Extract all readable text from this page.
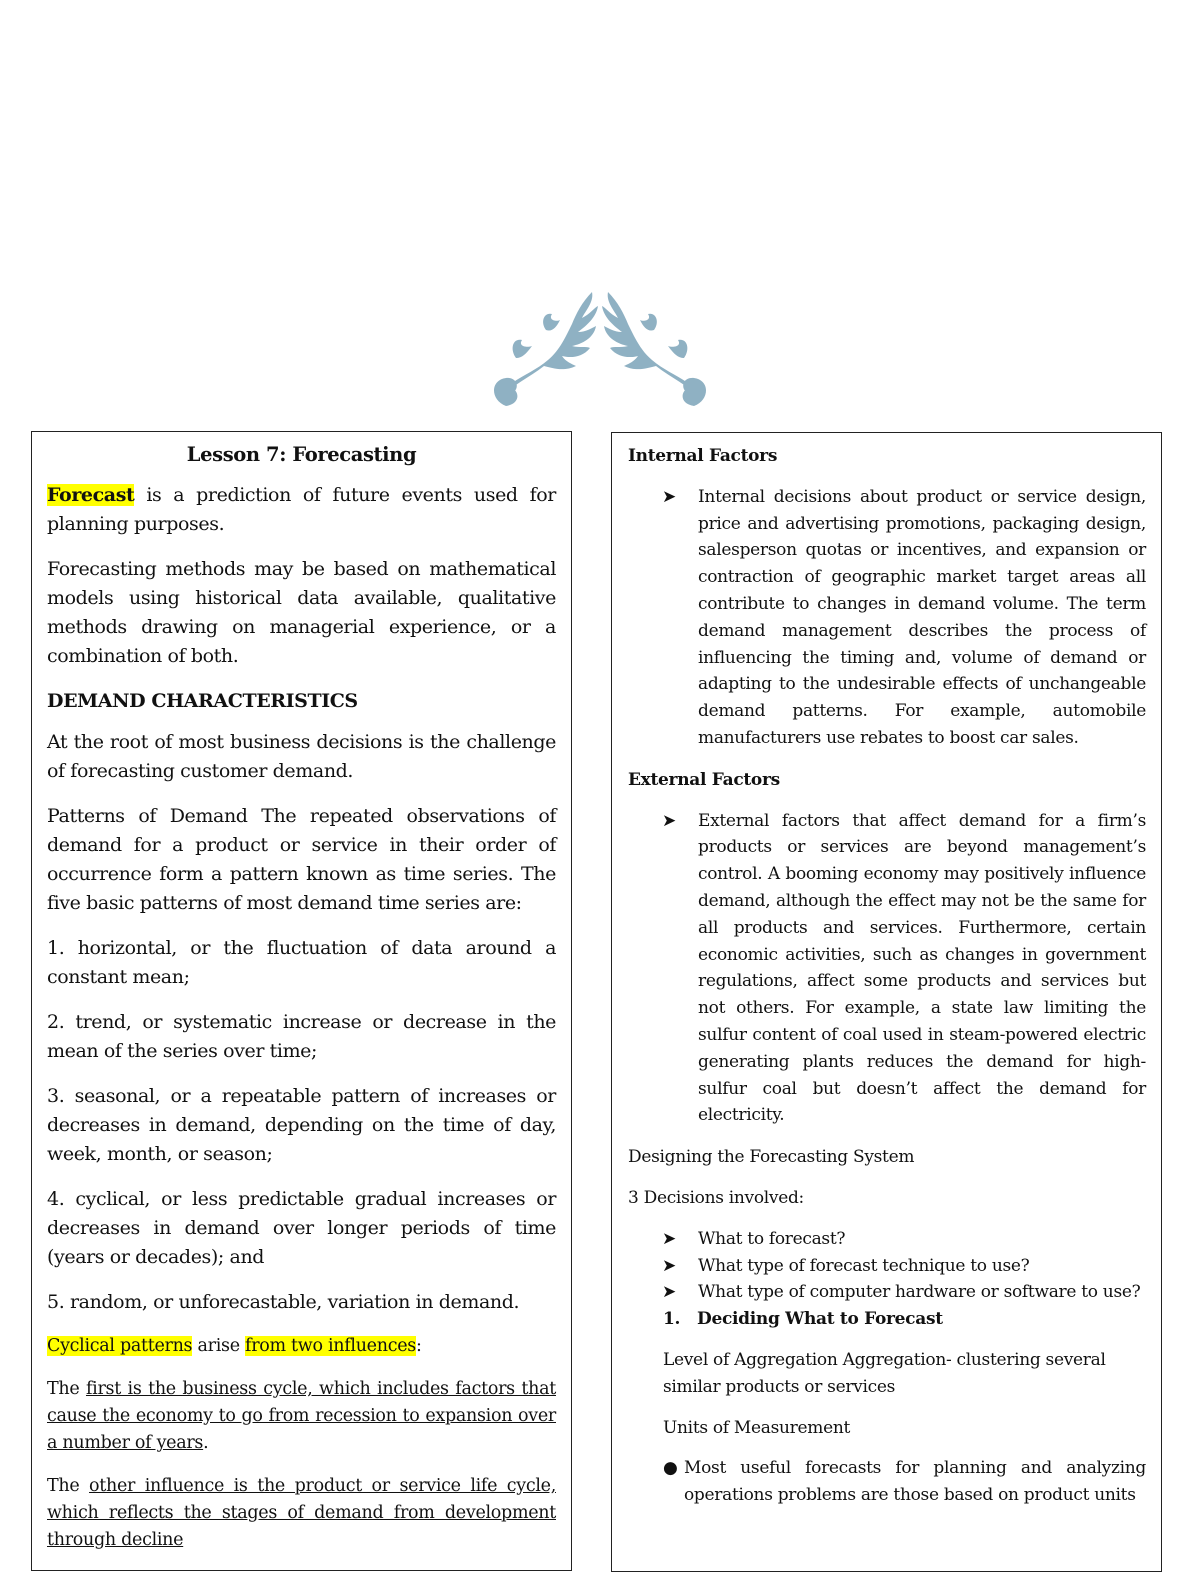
Lesson 7: Forecasting

Forecast is a prediction of future events used for planning purposes.

Forecasting methods may be based on mathematical models using historical data available, qualitative methods drawing on managerial experience, or a combination of both.

DEMAND CHARACTERISTICS

At the root of most business decisions is the challenge of forecasting customer demand.

Patterns of Demand The repeated observations of demand for a product or service in their order of occurrence form a pattern known as time series. The five basic patterns of most demand time series are:

1. horizontal, or the fluctuation of data around a constant mean;

2. trend, or systematic increase or decrease in the mean of the series over time;

3. seasonal, or a repeatable pattern of increases or decreases in demand, depending on the time of day, week, month, or season;

4. cyclical, or less predictable gradual increases or decreases in demand over longer periods of time (years or decades); and

5. random, or unforecastable, variation in demand.

Cyclical patterns arise from two influences:

The first is the business cycle, which includes factors that cause the economy to go from recession to expansion over a number of years.

The other influence is the product or service life cycle, which reflects the stages of demand from development through decline

Internal Factors
➤ Internal decisions about product or service design, price and advertising promotions, packaging design, salesperson quotas or incentives, and expansion or contraction of geographic market target areas all contribute to changes in demand volume. The term demand management describes the process of influencing the timing and, volume of demand or adapting to the undesirable effects of unchangeable demand patterns. For example, automobile manufacturers use rebates to boost car sales.
External Factors
➤ External factors that affect demand for a firm’s products or services are beyond management’s control. A booming economy may positively influence demand, although the effect may not be the same for all products and services. Furthermore, certain economic activities, such as changes in government regulations, affect some products and services but not others. For example, a state law limiting the sulfur content of coal used in steam-powered electric generating plants reduces the demand for high-sulfur coal but doesn’t affect the demand for electricity.

Designing the Forecasting System

3 Decisions involved:

➤ What to forecast?
➤ What type of forecast technique to use?
➤ What type of computer hardware or software to use?
1.   Deciding What to Forecast

Level of Aggregation Aggregation- clustering several similar products or services

Units of Measurement

● Most useful forecasts for planning and analyzing operations problems are those based on product units
